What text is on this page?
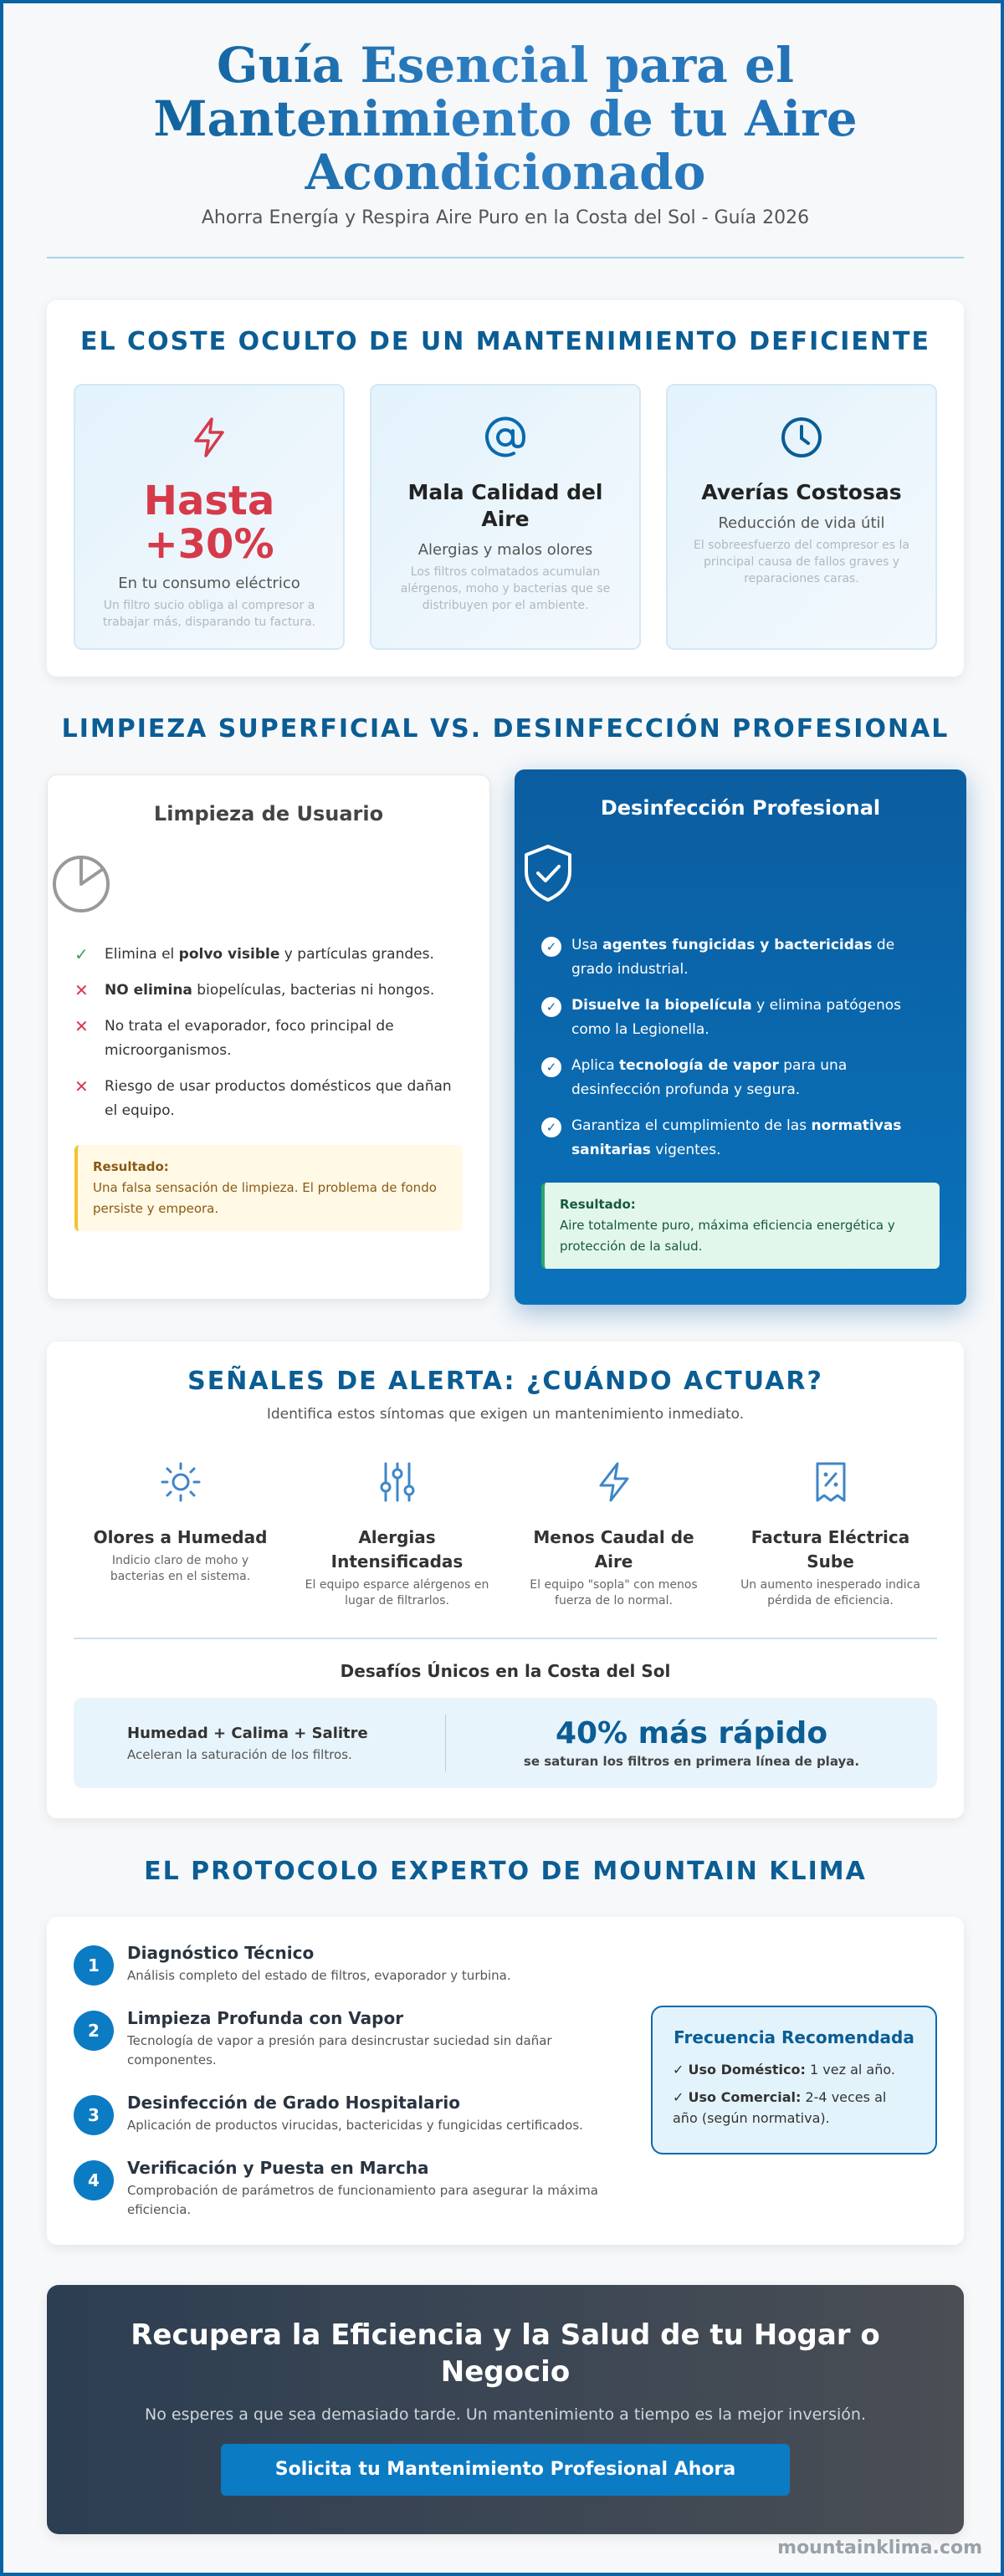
Guía Esencial para el Mantenimiento de tu Aire Acondicionado
Ahorra Energía y Respira Aire Puro en la Costa del Sol - Guía 2026
EL COSTE OCULTO DE UN MANTENIMIENTO DEFICIENTE
Hasta +30%
En tu consumo eléctrico
Un filtro sucio obliga al compresor a trabajar más, disparando tu factura.
Mala Calidad del Aire
Alergias y malos olores
Los filtros colmatados acumulan alérgenos, moho y bacterias que se distribuyen por el ambiente.
Averías Costosas
Reducción de vida útil
El sobreesfuerzo del compresor es la principal causa de fallos graves y reparaciones caras.
LIMPIEZA SUPERFICIAL VS. DESINFECCIÓN PROFESIONAL
Limpieza de Usuario
✓	Elimina el polvo visible y partículas grandes.
✕	NO elimina biopelículas, bacterias ni hongos.
✕	No trata el evaporador, foco principal de microorganismos.
✕	Riesgo de usar productos domésticos que dañan el equipo.
Resultado:
Una falsa sensación de limpieza. El problema de fondo persiste y empeora.
Desinfección Profesional
✓	Usa agentes fungicidas y bactericidas de grado industrial.
✓	Disuelve la biopelícula y elimina patógenos como la Legionella.
✓	Aplica tecnología de vapor para una desinfección profunda y segura.
✓	Garantiza el cumplimiento de las normativas sanitarias vigentes.
Resultado:
Aire totalmente puro, máxima eficiencia energética y protección de la salud.
SEÑALES DE ALERTA: ¿CUÁNDO ACTUAR?
Identifica estos síntomas que exigen un mantenimiento inmediato.
Olores a Humedad
Indicio claro de moho y bacterias en el sistema.
Alergias Intensificadas
El equipo esparce alérgenos en lugar de filtrarlos.
Menos Caudal de Aire
El equipo "sopla" con menos fuerza de lo normal.
Factura Eléctrica Sube
Un aumento inesperado indica pérdida de eficiencia.
Desafíos Únicos en la Costa del Sol
Humedad + Calima + Salitre
Aceleran la saturación de los filtros.
40% más rápido
se saturan los filtros en primera línea de playa.
EL PROTOCOLO EXPERTO DE MOUNTAIN KLIMA
1
Diagnóstico Técnico
Análisis completo del estado de filtros, evaporador y turbina.
2
Limpieza Profunda con Vapor
Tecnología de vapor a presión para desincrustar suciedad sin dañar componentes.
3
Desinfección de Grado Hospitalario
Aplicación de productos virucidas, bactericidas y fungicidas certificados.
4
Verificación y Puesta en Marcha
Comprobación de parámetros de funcionamiento para asegurar la máxima eficiencia.
Frecuencia Recomendada
✓ Uso Doméstico: 1 vez al año.
✓ Uso Comercial: 2-4 veces al año (según normativa).
Recupera la Eficiencia y la Salud de tu Hogar o Negocio
No esperes a que sea demasiado tarde. Un mantenimiento a tiempo es la mejor inversión.
Solicita tu Mantenimiento Profesional Ahora
mountainklima.com
